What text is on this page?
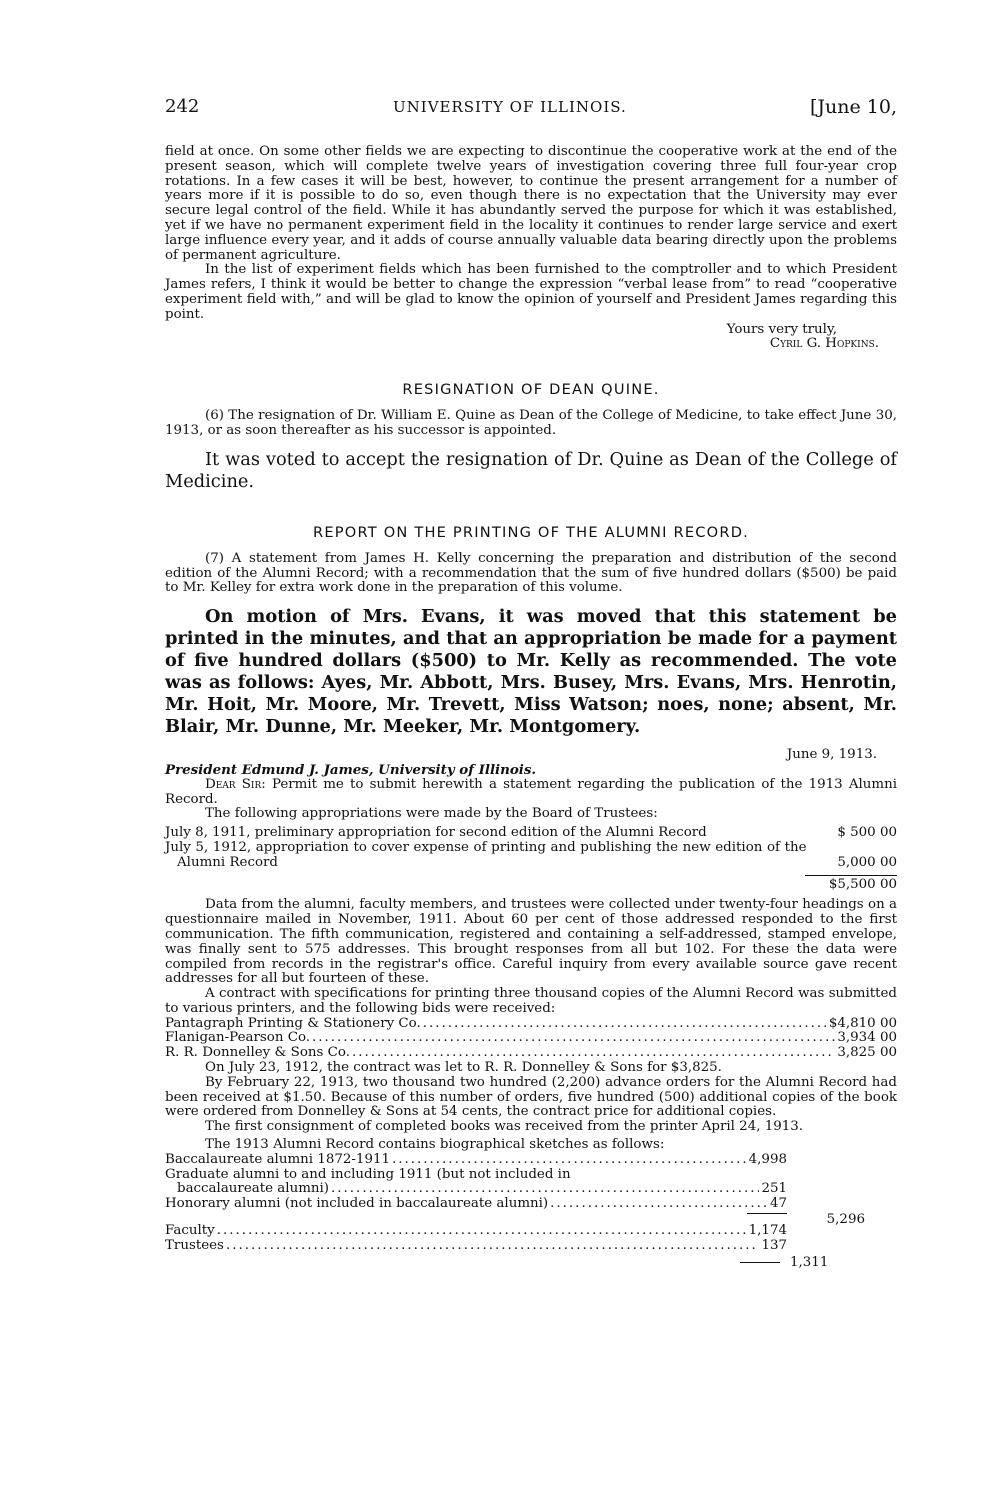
242	UNIVERSITY OF ILLINOIS.	[June 10,

field at once. On some other fields we are expecting to discontinue the cooperative work at the end of the present season, which will complete twelve years of investigation covering three full four-year crop rotations. In a few cases it will be best, however, to continue the present arrangement for a number of years more if it is possible to do so, even though there is no expectation that the University may ever secure legal control of the field. While it has abundantly served the purpose for which it was established, yet if we have no permanent experiment field in the locality it continues to render large service and exert large influence every year, and it adds of course annually valuable data bearing directly upon the problems of permanent agriculture.

In the list of experiment fields which has been furnished to the comptroller and to which President James refers, I think it would be better to change the expression “verbal lease from” to read “cooperative experiment field with,” and will be glad to know the opinion of yourself and President James regarding this point.

Yours very truly,

Cyril G. Hopkins.

RESIGNATION OF DEAN QUINE.

(6) The resignation of Dr. William E. Quine as Dean of the College of Medicine, to take effect June 30, 1913, or as soon thereafter as his successor is appointed.

It was voted to accept the resignation of Dr. Quine as Dean of the College of Medicine.

REPORT ON THE PRINTING OF THE ALUMNI RECORD.

(7) A statement from James H. Kelly concerning the preparation and distribution of the second edition of the Alumni Record; with a recommendation that the sum of five hundred dollars ($500) be paid to Mr. Kelley for extra work done in the preparation of this volume.

On motion of Mrs. Evans, it was moved that this statement be printed in the minutes, and that an appropriation be made for a payment of five hundred dollars ($500) to Mr. Kelly as recommended. The vote was as follows: Ayes, Mr. Abbott, Mrs. Busey, Mrs. Evans, Mrs. Henrotin, Mr. Hoit, Mr. Moore, Mr. Trevett, Miss Watson; noes, none; absent, Mr. Blair, Mr. Dunne, Mr. Meeker, Mr. Montgomery.

June 9, 1913.

President Edmund J. James, University of Illinois.

Dear Sir: Permit me to submit herewith a statement regarding the publication of the 1913 Alumni Record.

The following appropriations were made by the Board of Trustees:

July 8, 1911, preliminary appropriation for second edition of the Alumni Record	$ 500 00
July 5, 1912, appropriation to cover expense of printing and publishing the new edition of the Alumni Record	5,000 00
$5,500 00

Data from the alumni, faculty members, and trustees were collected under twenty-four headings on a questionnaire mailed in November, 1911. About 60 per cent of those addressed responded to the first communication. The fifth communication, registered and containing a self-addressed, stamped envelope, was finally sent to 575 addresses. This brought responses from all but 102. For these the data were compiled from records in the registrar's office. Careful inquiry from every available source gave recent addresses for all but fourteen of these.

A contract with specifications for printing three thousand copies of the Alumni Record was submitted to various printers, and the following bids were received:

Pantagraph Printing & Stationery Co. .....	$4,810 00
Flanigan-Pearson Co. .....	3,934 00
R. R. Donnelley & Sons Co. .....	3,825 00

On July 23, 1912, the contract was let to R. R. Donnelley & Sons for $3,825.

By February 22, 1913, two thousand two hundred (2,200) advance orders for the Alumni Record had been received at $1.50. Because of this number of orders, five hundred (500) additional copies of the book were ordered from Donnelley & Sons at 54 cents, the contract price for additional copies.

The first consignment of completed books was received from the printer April 24, 1913.

The 1913 Alumni Record contains biographical sketches as follows:

Baccalaureate alumni 1872-1911 .....	4,998
Graduate alumni to and including 1911 (but not included in
baccalaureate alumni) .....	251
Honorary alumni (not included in baccalaureate alumni) .....	47
5,296
Faculty .....	1,174
Trustees .....	137
1,311
